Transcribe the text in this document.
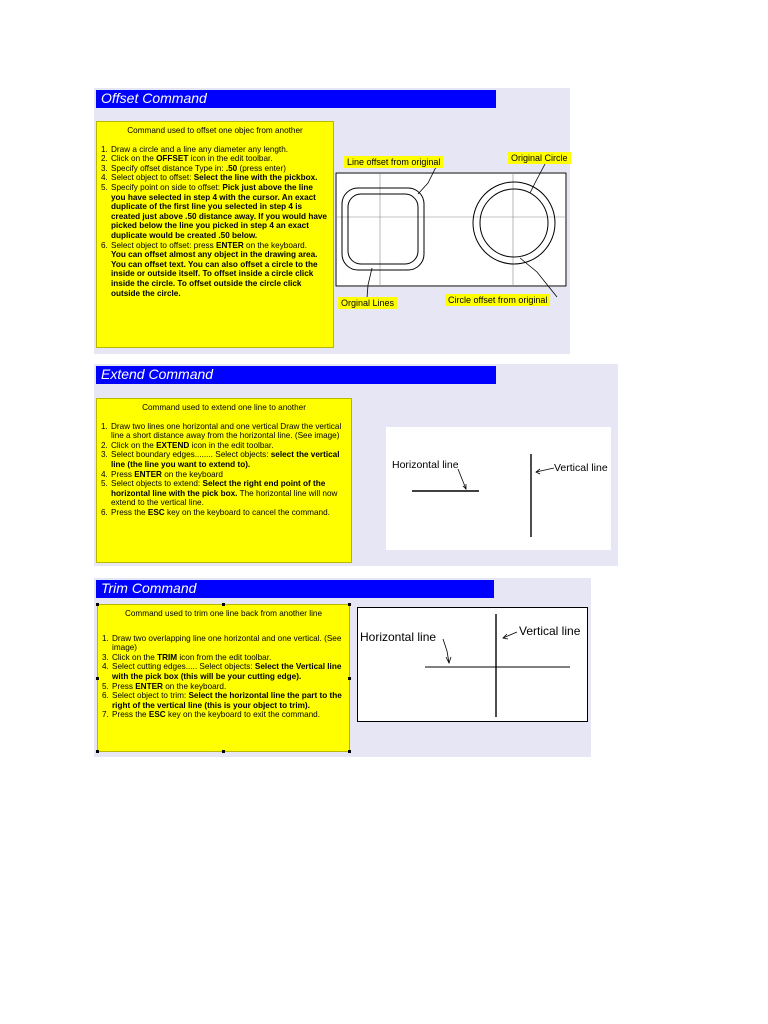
Offset Command
Command used to offset one objec from another
1. Draw a circle and a line any diameter any length.
2. Click on the OFFSET icon in the edit toolbar.
3. Specify offset distance Type in: .50 (press enter)
4. Select object to offset: Select the line with the pickbox.
5. Specify point on side to offset: Pick just above the line you have selected in step 4 with the cursor. An exact duplicate of the first line you selected in step 4 is created just above .50 distance away. If you would have picked below the line you picked in step 4 an exact duplicate would be created .50 below.
6. Select object to offset: press ENTER on the keyboard.
You can offset almost any object in the drawing area. You can offset text. You can also offset a circle to the inside or outside itself. To offset inside a circle click inside the circle. To offset outside the circle click outside the circle.
Line offset from original	Original Circle
Orginal Lines	Circle offset from original
Extend Command
Command used to extend one line to another
1. Draw two lines one horizontal and one vertical Draw the vertical line a short distance away from the horizontal line. (See image)
2. Click on the EXTEND icon in the edit toolbar.
3. Select boundary edges........ Select objects: select the vertical line (the line you want to extend to).
4. Press ENTER on the keyboard
5. Select objects to extend: Select the right end point of the horizontal line with the pick box. The horizontal line will now extend to the vertical line.
6. Press the ESC key on the keyboard to cancel the command.
Horizontal line	Vertical line
Trim Command
Command used to trim one line back from another line
1. Draw two overlapping line one horizontal and one vertical. (See image)
3. Click on the TRIM icon from the edit toolbar.
4. Select cutting edges..... Select objects: Select the Vertical line with the pick box (this will be your cutting edge).
5. Press ENTER on the keyboard.
6. Select object to trim: Select the horizontal line the part to the right of the vertical line (this is your object to trim).
7. Press the ESC key on the keyboard to exit the command.
Horizontal line	Vertical line
